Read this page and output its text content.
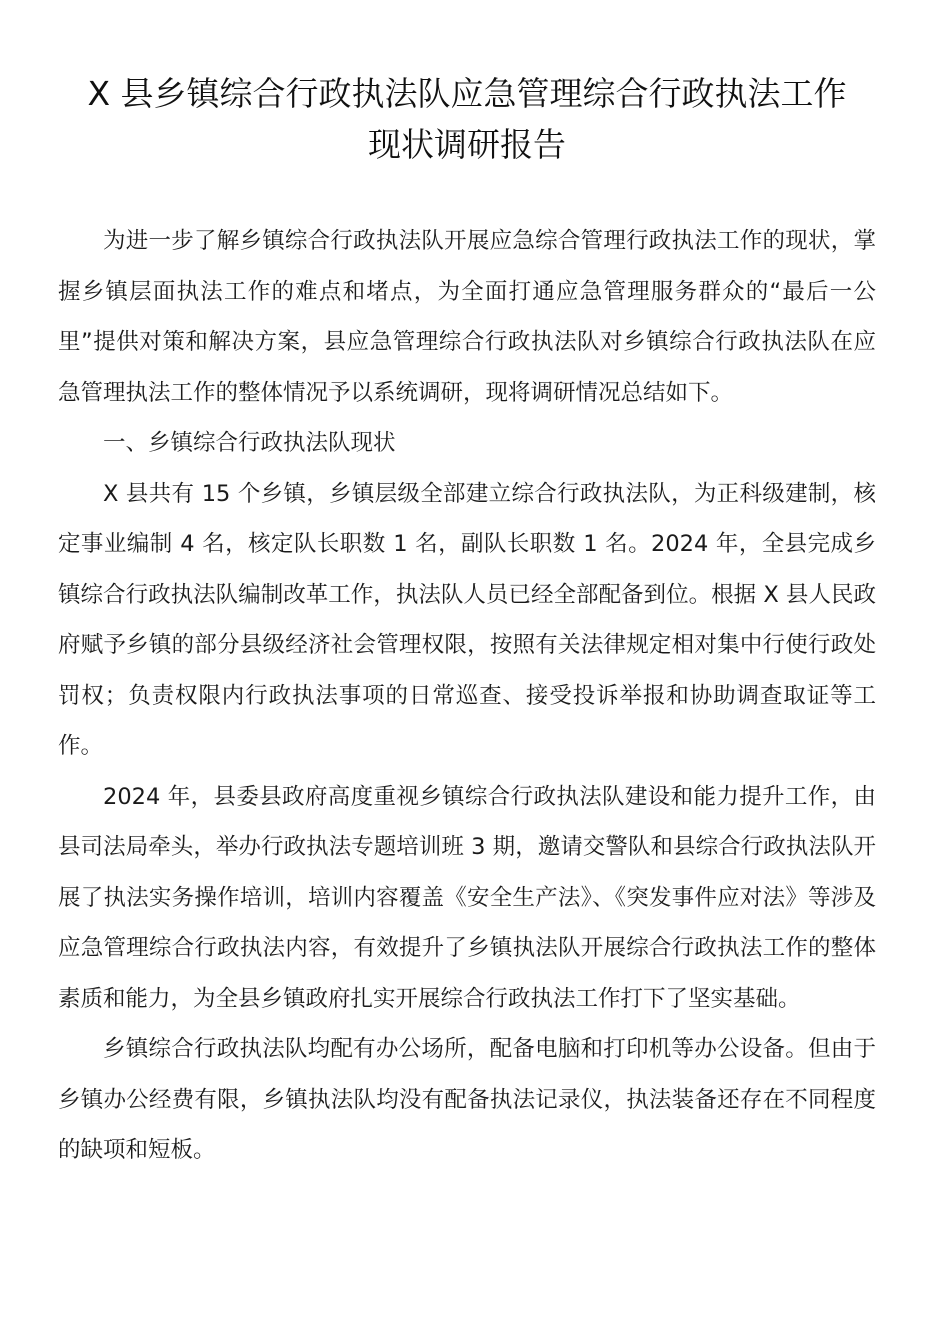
X 县乡镇综合行政执法队应急管理综合行政执法工作
现状调研报告

为进一步了解乡镇综合行政执法队开展应急综合管理行政执法工作的现状，掌握乡镇层面执法工作的难点和堵点，为全面打通应急管理服务群众的“最后一公里”提供对策和解决方案，县应急管理综合行政执法队对乡镇综合行政执法队在应急管理执法工作的整体情况予以系统调研，现将调研情况总结如下。

一、乡镇综合行政执法队现状

X 县共有 15 个乡镇，乡镇层级全部建立综合行政执法队，为正科级建制，核定事业编制 4 名，核定队长职数 1 名，副队长职数 1 名。2024 年，全县完成乡镇综合行政执法队编制改革工作，执法队人员已经全部配备到位。根据 X 县人民政府赋予乡镇的部分县级经济社会管理权限，按照有关法律规定相对集中行使行政处罚权；负责权限内行政执法事项的日常巡查、接受投诉举报和协助调查取证等工作。

2024 年，县委县政府高度重视乡镇综合行政执法队建设和能力提升工作，由县司法局牵头，举办行政执法专题培训班 3 期，邀请交警队和县综合行政执法队开展了执法实务操作培训，培训内容覆盖《安全生产法》、《突发事件应对法》等涉及应急管理综合行政执法内容，有效提升了乡镇执法队开展综合行政执法工作的整体素质和能力，为全县乡镇政府扎实开展综合行政执法工作打下了坚实基础。

乡镇综合行政执法队均配有办公场所，配备电脑和打印机等办公设备。但由于乡镇办公经费有限，乡镇执法队均没有配备执法记录仪，执法装备还存在不同程度的缺项和短板。
